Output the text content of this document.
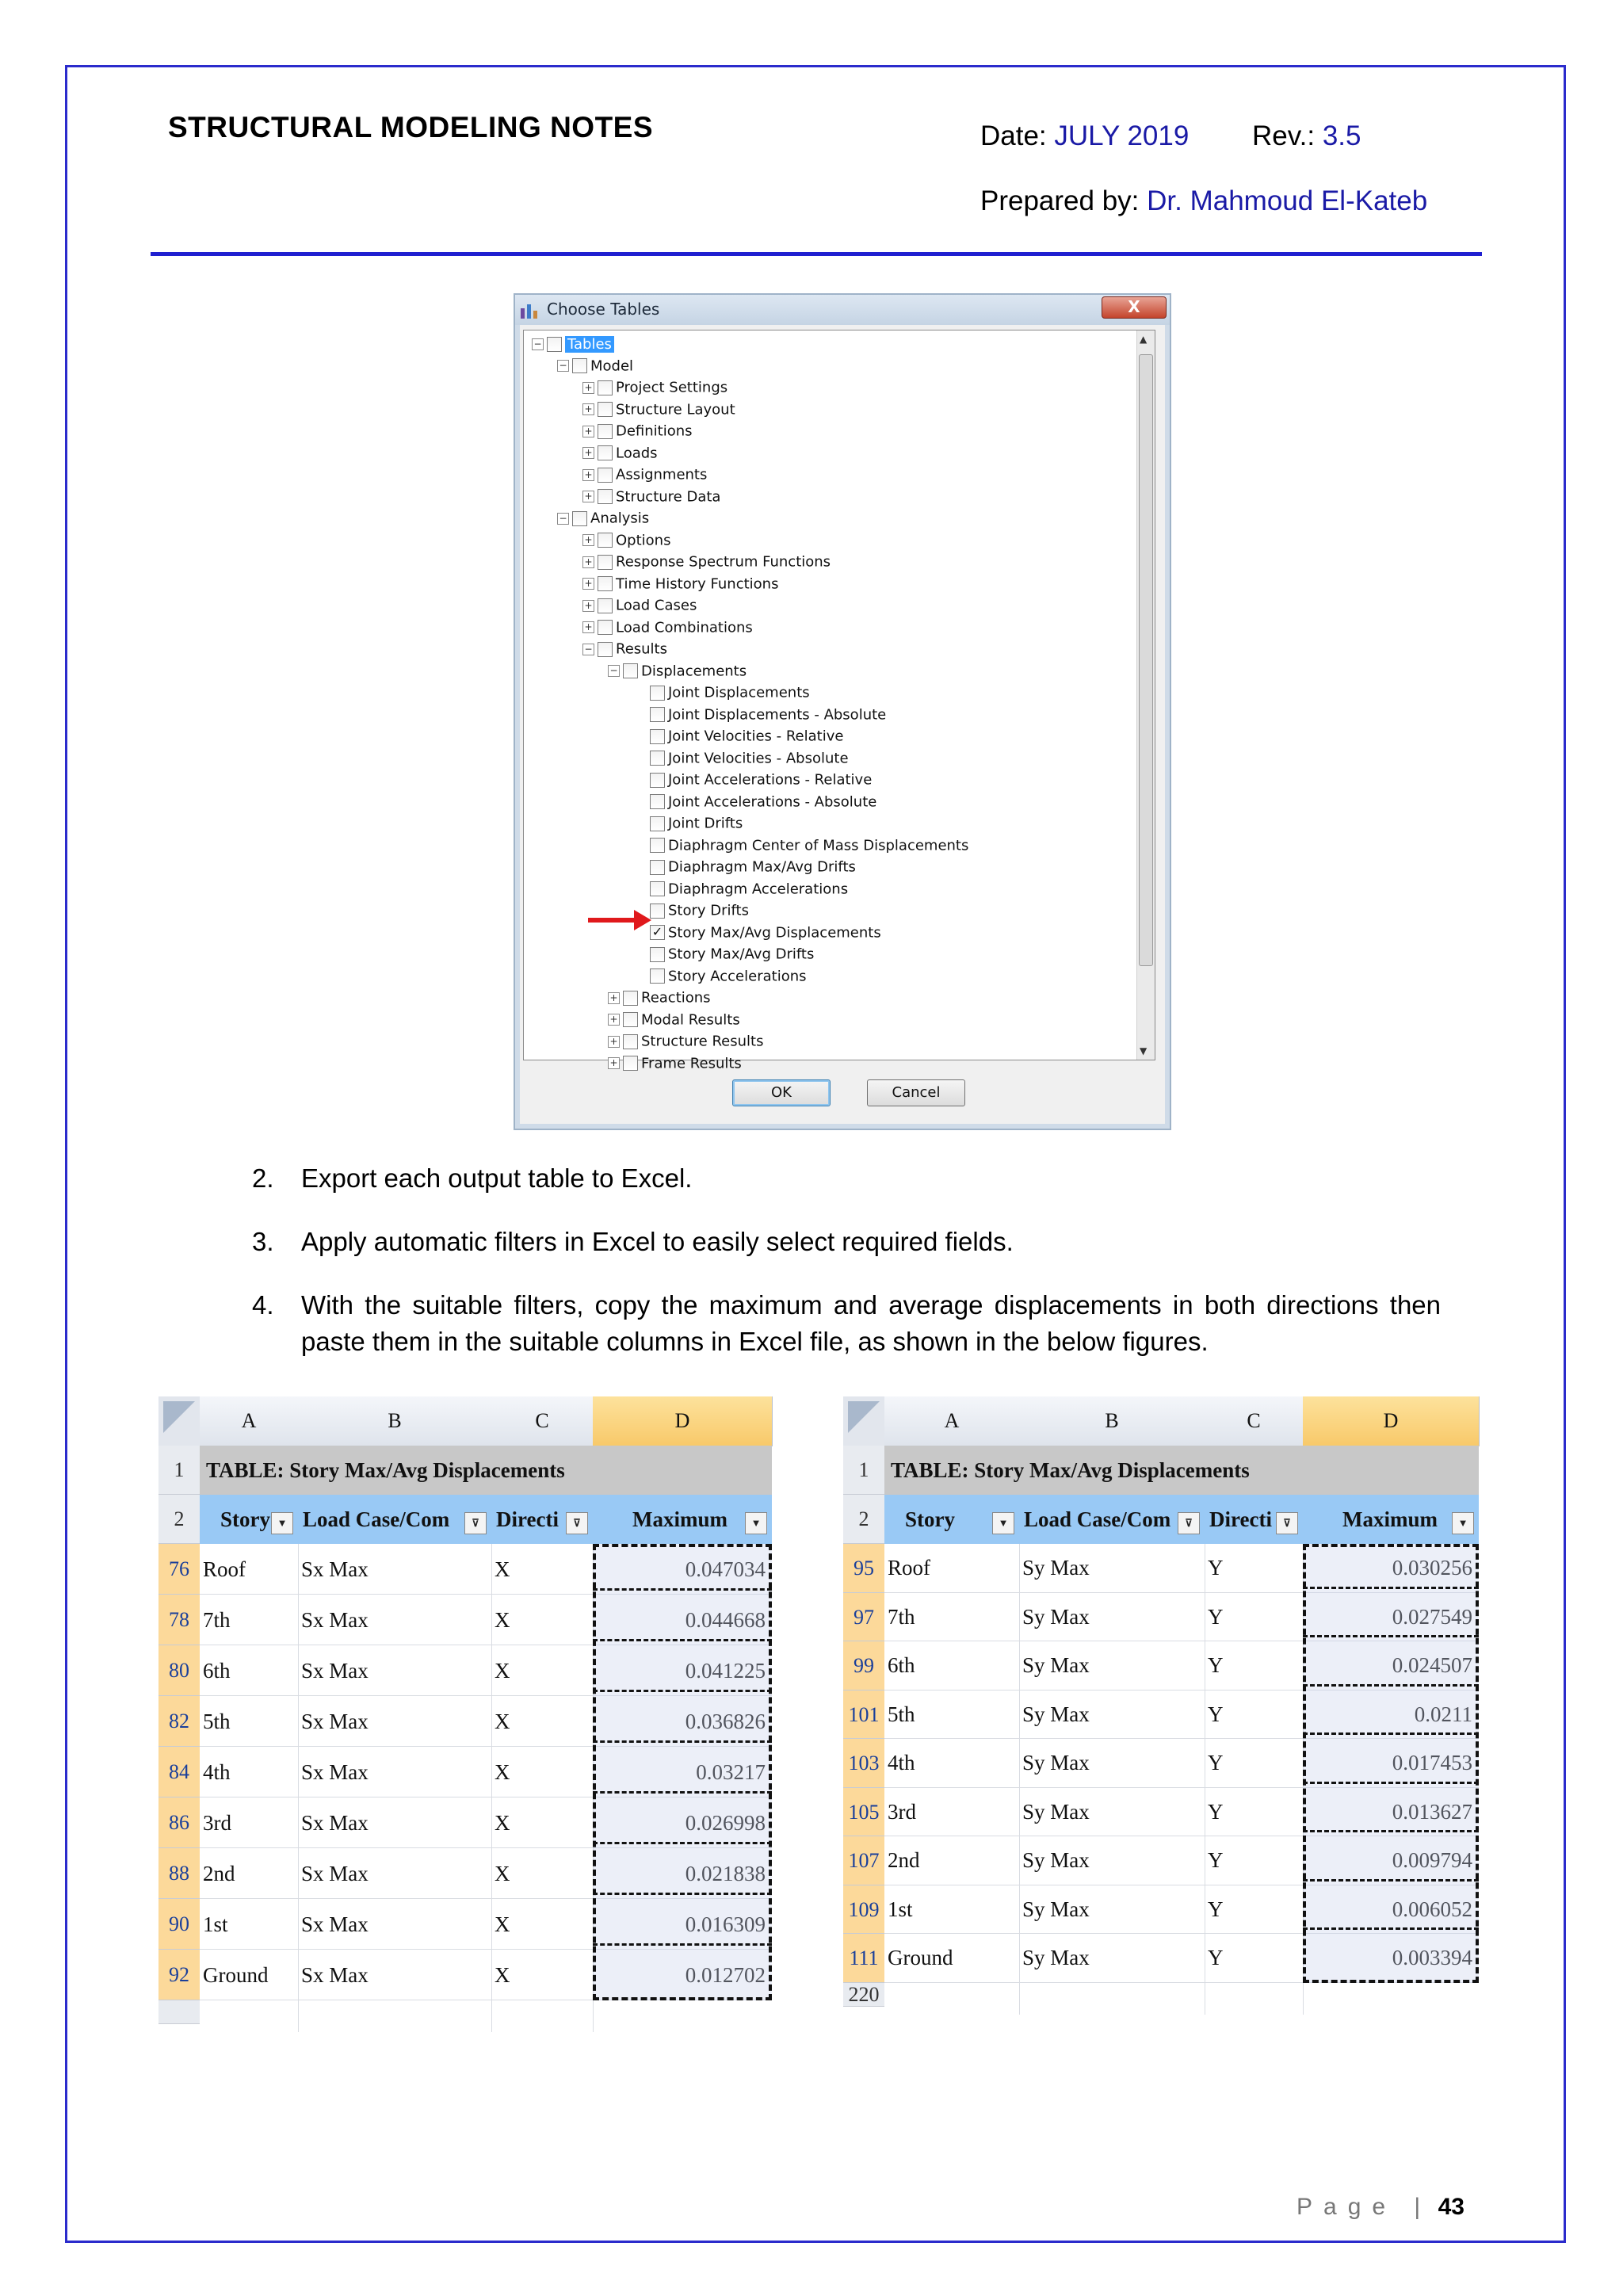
STRUCTURAL MODELING NOTES	Date: JULY 2019 Rev.: 3.5
Prepared by: Dr. Mahmoud El-Kateb
Choose Tables	X
▲
▼
− Tables
− Model
+ Project Settings
+ Structure Layout
+ Definitions
+ Loads
+ Assignments
+ Structure Data
− Analysis
+ Options
+ Response Spectrum Functions
+ Time History Functions
+ Load Cases
+ Load Combinations
− Results
− Displacements
Joint Displacements
Joint Displacements - Absolute
Joint Velocities - Relative
Joint Velocities - Absolute
Joint Accelerations - Relative
Joint Accelerations - Absolute
Joint Drifts
Diaphragm Center of Mass Displacements
Diaphragm Max/Avg Drifts
Diaphragm Accelerations
Story Drifts
✓ Story Max/Avg Displacements
Story Max/Avg Drifts
Story Accelerations
+ Reactions
+ Modal Results
+ Structure Results
+ Frame Results
OK	Cancel
2. Export each output table to Excel.
3. Apply automatic filters in Excel to easily select required fields.
4. With the suitable filters, copy the maximum and average displacements in both directions then paste them in the suitable columns in Excel file, as shown in the below figures.
A	B	C	D
1	TABLE: Story Max/Avg Displacements
2	Story ▼ Load Case/Com	⊽ Directi	⊽	Maximum	▼
76 Roof	Sx Max	X	0.047034
78 7th	Sx Max	X	0.044668
80 6th	Sx Max	X	0.041225
82 5th	Sx Max	X	0.036826
84 4th	Sx Max	X	0.03217
86 3rd	Sx Max	X	0.026998
88 2nd	Sx Max	X	0.021838
90 1st	Sx Max	X	0.016309
92 Ground Sx Max	X	0.012702
A	B	C	D
1	TABLE: Story Max/Avg Displacements
2	Story	▼ Load Case/Com	⊽ Directi	⊽	Maximum	▼
95 Roof	Sy Max	Y	0.030256
97 7th	Sy Max	Y	0.027549
99 6th	Sy Max	Y	0.024507
101 5th	Sy Max	Y	0.0211
103 4th	Sy Max	Y	0.017453
105 3rd	Sy Max	Y	0.013627
107 2nd	Sy Max	Y	0.009794
109 1st	Sy Max	Y	0.006052
111 Ground	Sy Max	Y	0.003394
220
Page | 43
